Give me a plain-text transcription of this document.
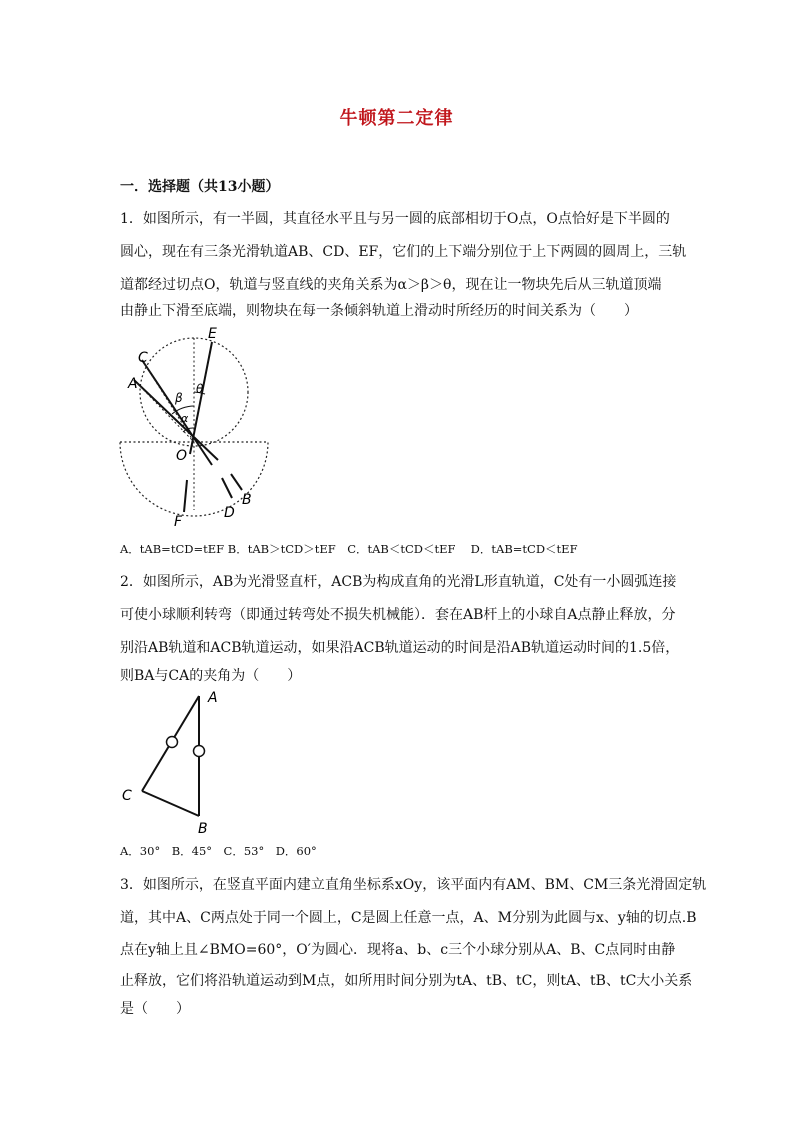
牛顿第二定律
一．选择题（共13小题）
1．如图所示，有一半圆，其直径水平且与另一圆的底部相切于O点，O点恰好是下半圆的
圆心，现在有三条光滑轨道AB、CD、EF，它们的上下端分别位于上下两圆的圆周上，三轨
道都经过切点O，轨道与竖直线的夹角关系为α＞β＞θ，现在让一物块先后从三轨道顶端
由静止下滑至底端，则物块在每一条倾斜轨道上滑动时所经历的时间关系为（　　）
C
A
E
β
θ
α
O
B
D
F
A．tAB=tCD=tEF B．tAB＞tCD＞tEF　C．tAB＜tCD＜tEF　 D．tAB=tCD＜tEF
2．如图所示，AB为光滑竖直杆，ACB为构成直角的光滑L形直轨道，C处有一小圆弧连接
可使小球顺利转弯（即通过转弯处不损失机械能）．套在AB杆上的小球自A点静止释放，分
别沿AB轨道和ACB轨道运动，如果沿ACB轨道运动的时间是沿AB轨道运动时间的1.5倍，
则BA与CA的夹角为（　　）
A
C
B
A．30°　B．45°　C．53°　D．60°
3．如图所示，在竖直平面内建立直角坐标系xOy，该平面内有AM、BM、CM三条光滑固定轨
道，其中A、C两点处于同一个圆上，C是圆上任意一点，A、M分别为此圆与x、y轴的切点.B
点在y轴上且∠BMO=60°，O′为圆心．现将a、b、c三个小球分别从A、B、C点同时由静
止释放，它们将沿轨道运动到M点，如所用时间分别为tA、tB、tC，则tA、tB、tC大小关系
是（　　）
